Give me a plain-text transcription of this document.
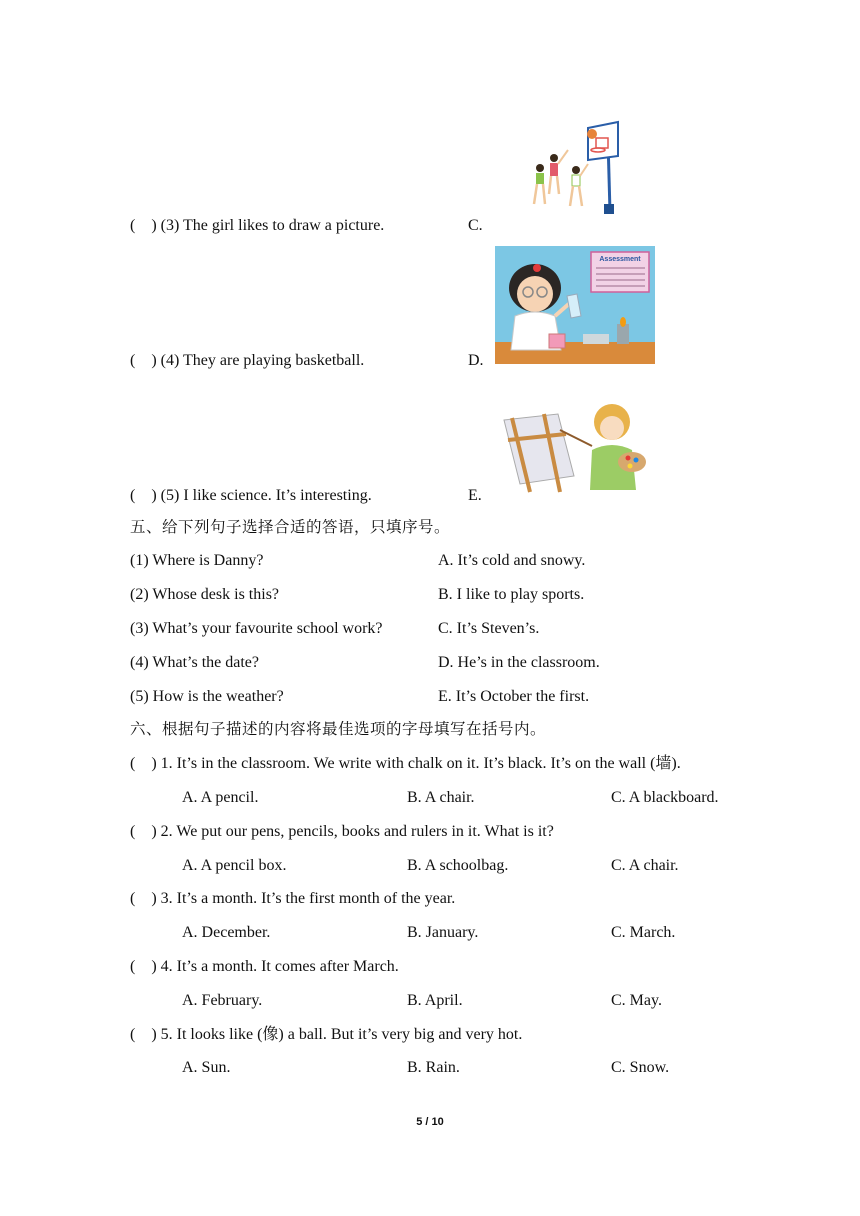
Assessment
(    ) (3) The girl likes to draw a picture.	C.
(    ) (4) They are playing basketball.	D.
(    ) (5) I like science. It’s interesting.	E.
五、给下列句子选择合适的答语，只填序号。
(1) Where is Danny?	A. It’s cold and snowy.
(2) Whose desk is this?	B. I like to play sports.
(3) What’s your favourite school work?	C. It’s Steven’s.
(4) What’s the date?	D. He’s in the classroom.
(5) How is the weather?	E. It’s October the first.
六、根据句子描述的内容将最佳选项的字母填写在括号内。
(    ) 1. It’s in the classroom. We write with chalk on it. It’s black. It’s on the wall (墙).
A. A pencil.	B. A chair.	C. A blackboard.
(    ) 2. We put our pens, pencils, books and rulers in it. What is it?
A. A pencil box.	B. A schoolbag.	C. A chair.
(    ) 3. It’s a month. It’s the first month of the year.
A. December.	B. January.	C. March.
(    ) 4. It’s a month. It comes after March.
A. February.	B. April.	C. May.
(    ) 5. It looks like (像) a ball. But it’s very big and very hot.
A. Sun.	B. Rain.	C. Snow.
5 / 10
